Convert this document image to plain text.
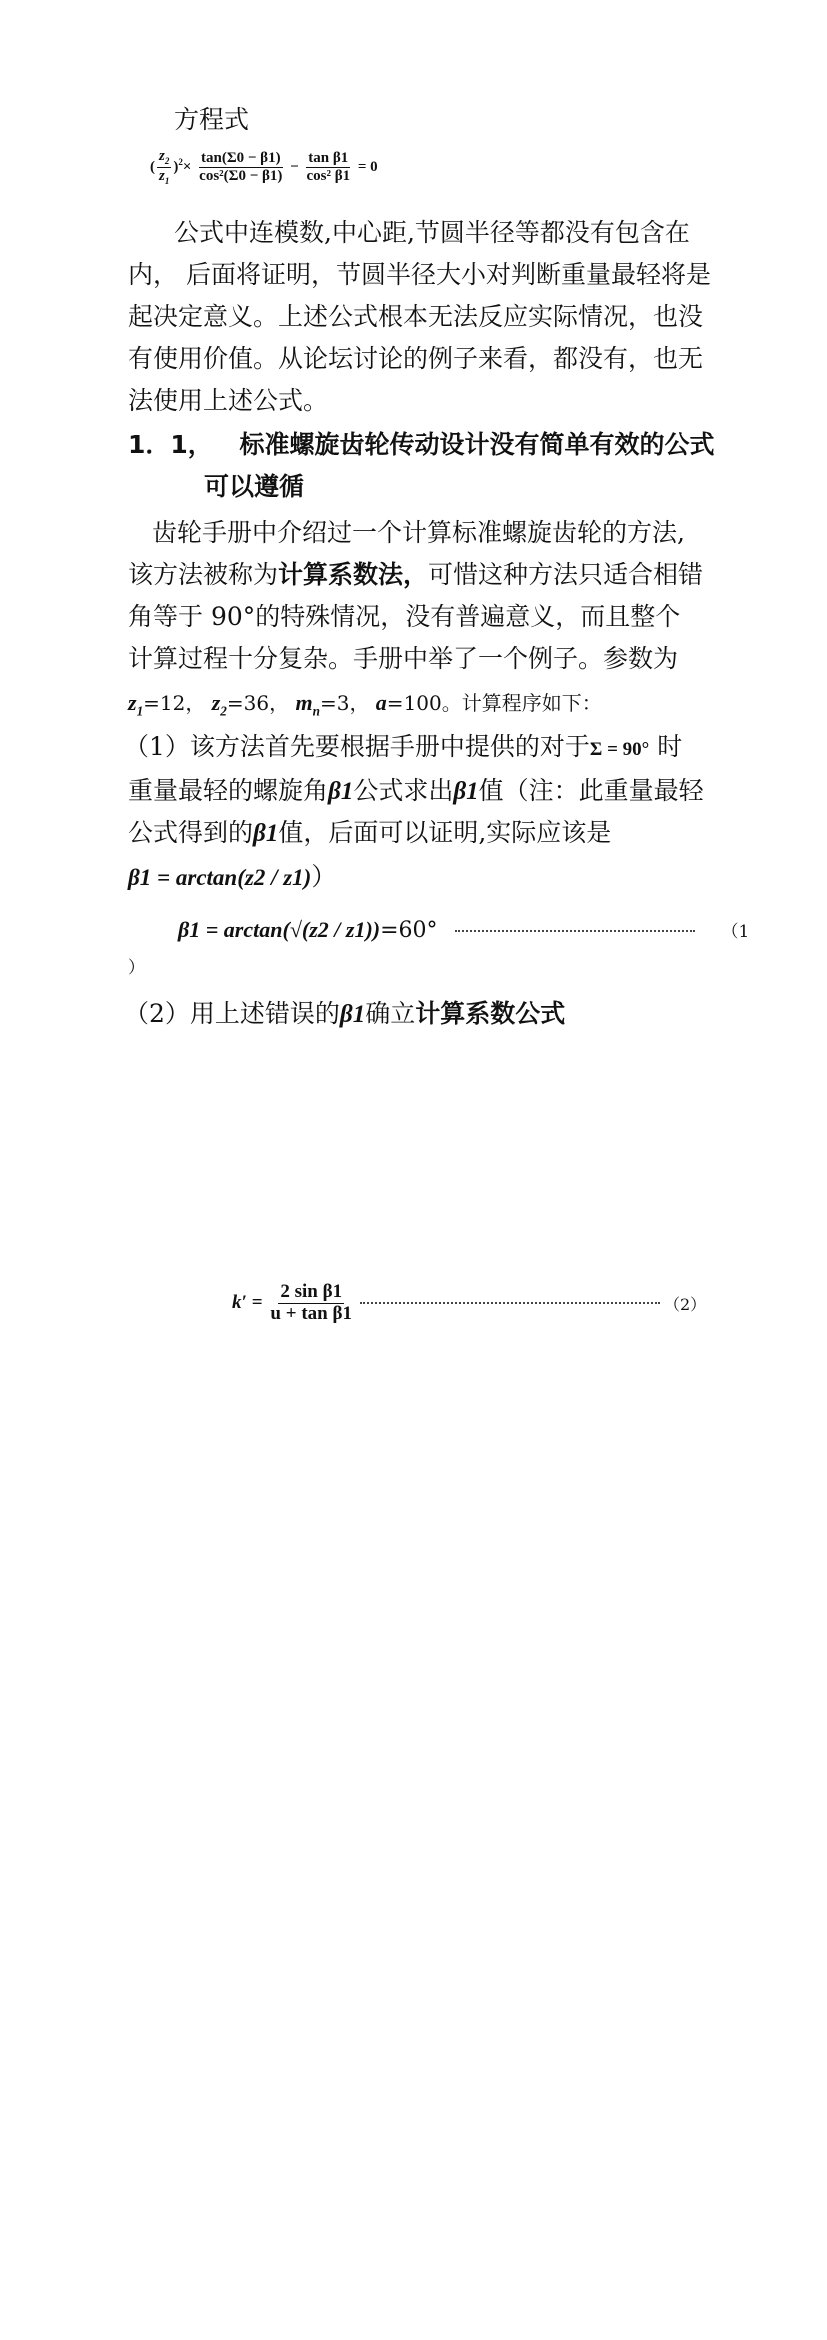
方程式
( $\frac{z_2}{z_1} )^2\times \frac{\tan(\Sigma 0 - \beta 1)}{\text{cos²(Σ0 − β1)}} - \frac{\text{tan β1}}{\text{cos² β1}} = 0$
公式中连模数,中心距,节圆半径等都没有包含在
内， 后面将证明，节圆半径大小对判断重量最轻将是
起决定意义。上述公式根本无法反应实际情况，也没
有使用价值。从论坛讨论的例子来看，都没有，也无
法使用上述公式。
1．1， 标准螺旋齿轮传动设计没有简单有效的公式
可以遵循
齿轮手册中介绍过一个计算标准螺旋齿轮的方法,
该方法被称为计算系数法，可惜这种方法只适合相错
角等于 90°的特殊情况，没有普遍意义，而且整个
计算过程十分复杂。手册中举了一个例子。参数为
$z_1=12$， $z_2=36$， $m_n=3$， a=100。计算程序如下：
（1）该方法首先要根据手册中提供的对于Σ = 90° 时
重量最轻的螺旋角β1公式求出β1值（注：此重量最轻
公式得到的β1值，后面可以证明,实际应该是
β1 = arctan(z2 / z1)）
β1 = arctan(√(z2 / z1))=60°	（1
）
（2）用上述错误的β1确立计算系数公式
$k' = \frac{\text{2 sin β1}}{\text{u + tan β1}}$	（2）
